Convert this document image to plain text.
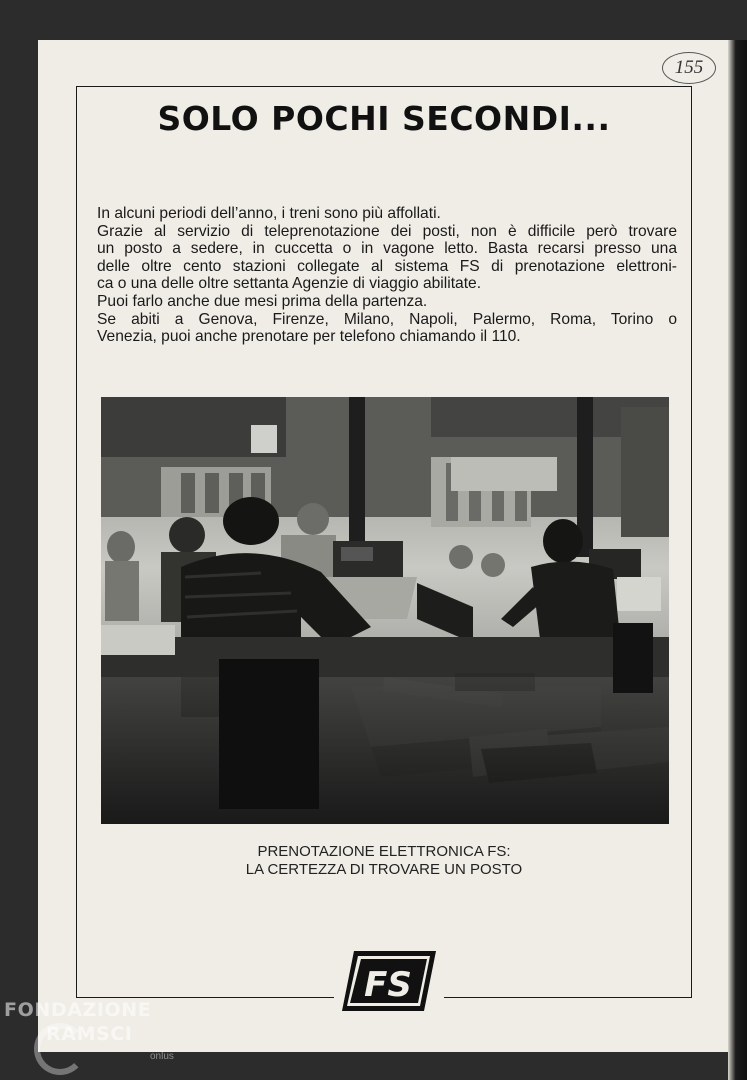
155
SOLO POCHI SECONDI...
In alcuni periodi dell’anno, i treni sono più affollati.
Grazie al servizio di teleprenotazione dei posti, non è difficile però trovare
un posto a sedere, in cuccetta o in vagone letto. Basta recarsi presso una
delle oltre cento stazioni collegate al sistema FS di prenotazione elettroni-
ca o una delle oltre settanta Agenzie di viaggio abilitate.
Puoi farlo anche due mesi prima della partenza.
Se abiti a Genova, Firenze, Milano, Napoli, Palermo, Roma, Torino o
Venezia, puoi anche prenotare per telefono chiamando il 110.
PRENOTAZIONE ELETTRONICA FS:
LA CERTEZZA DI TROVARE UN POSTO
FS
FONDAZIONE
RAMSCI
onlus
